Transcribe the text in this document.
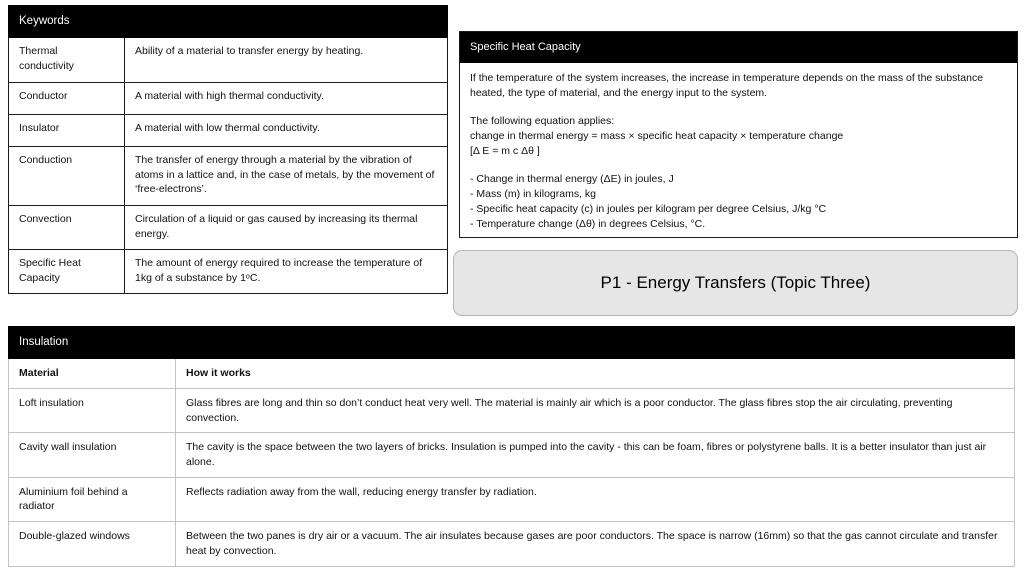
Keywords	
Thermal conductivity	Ability of a material to transfer energy by heating.
Conductor	A material with high thermal conductivity.
Insulator	A material with low thermal conductivity.
Conduction	The transfer of energy through a material by the vibration of atoms in a lattice and, in the case of metals, by the movement of ‘free-electrons’.
Convection	Circulation of a liquid or gas caused by increasing its thermal energy.
Specific Heat Capacity	The amount of energy required to increase the temperature of 1kg of a substance by 1ᵒC.
Specific Heat Capacity

If the temperature of the system increases, the increase in temperature depends on the mass of the substance heated, the type of material, and the energy input to the system.

The following equation applies:

change in thermal energy = mass × specific heat capacity × temperature change

[Δ E = m c Δθ ]

- Change in thermal energy (ΔE) in joules, J

- Mass (m) in kilograms, kg

- Specific heat capacity (c) in joules per kilogram per degree Celsius, J/kg °C

- Temperature change (Δθ) in degrees Celsius, °C.

P1 - Energy Transfers (Topic Three)
Insulation	
Material	How it works
Loft insulation	Glass fibres are long and thin so don’t conduct heat very well. The material is mainly air which is a poor conductor. The glass fibres stop the air circulating, preventing convection.
Cavity wall insulation	The cavity is the space between the two layers of bricks. Insulation is pumped into the cavity - this can be foam, fibres or polystyrene balls. It is a better insulator than just air alone.
Aluminium foil behind a radiator	Reflects radiation away from the wall, reducing energy transfer by radiation.
Double-glazed windows	Between the two panes is dry air or a vacuum. The air insulates because gases are poor conductors. The space is narrow (16mm) so that the gas cannot circulate and transfer heat by convection.
